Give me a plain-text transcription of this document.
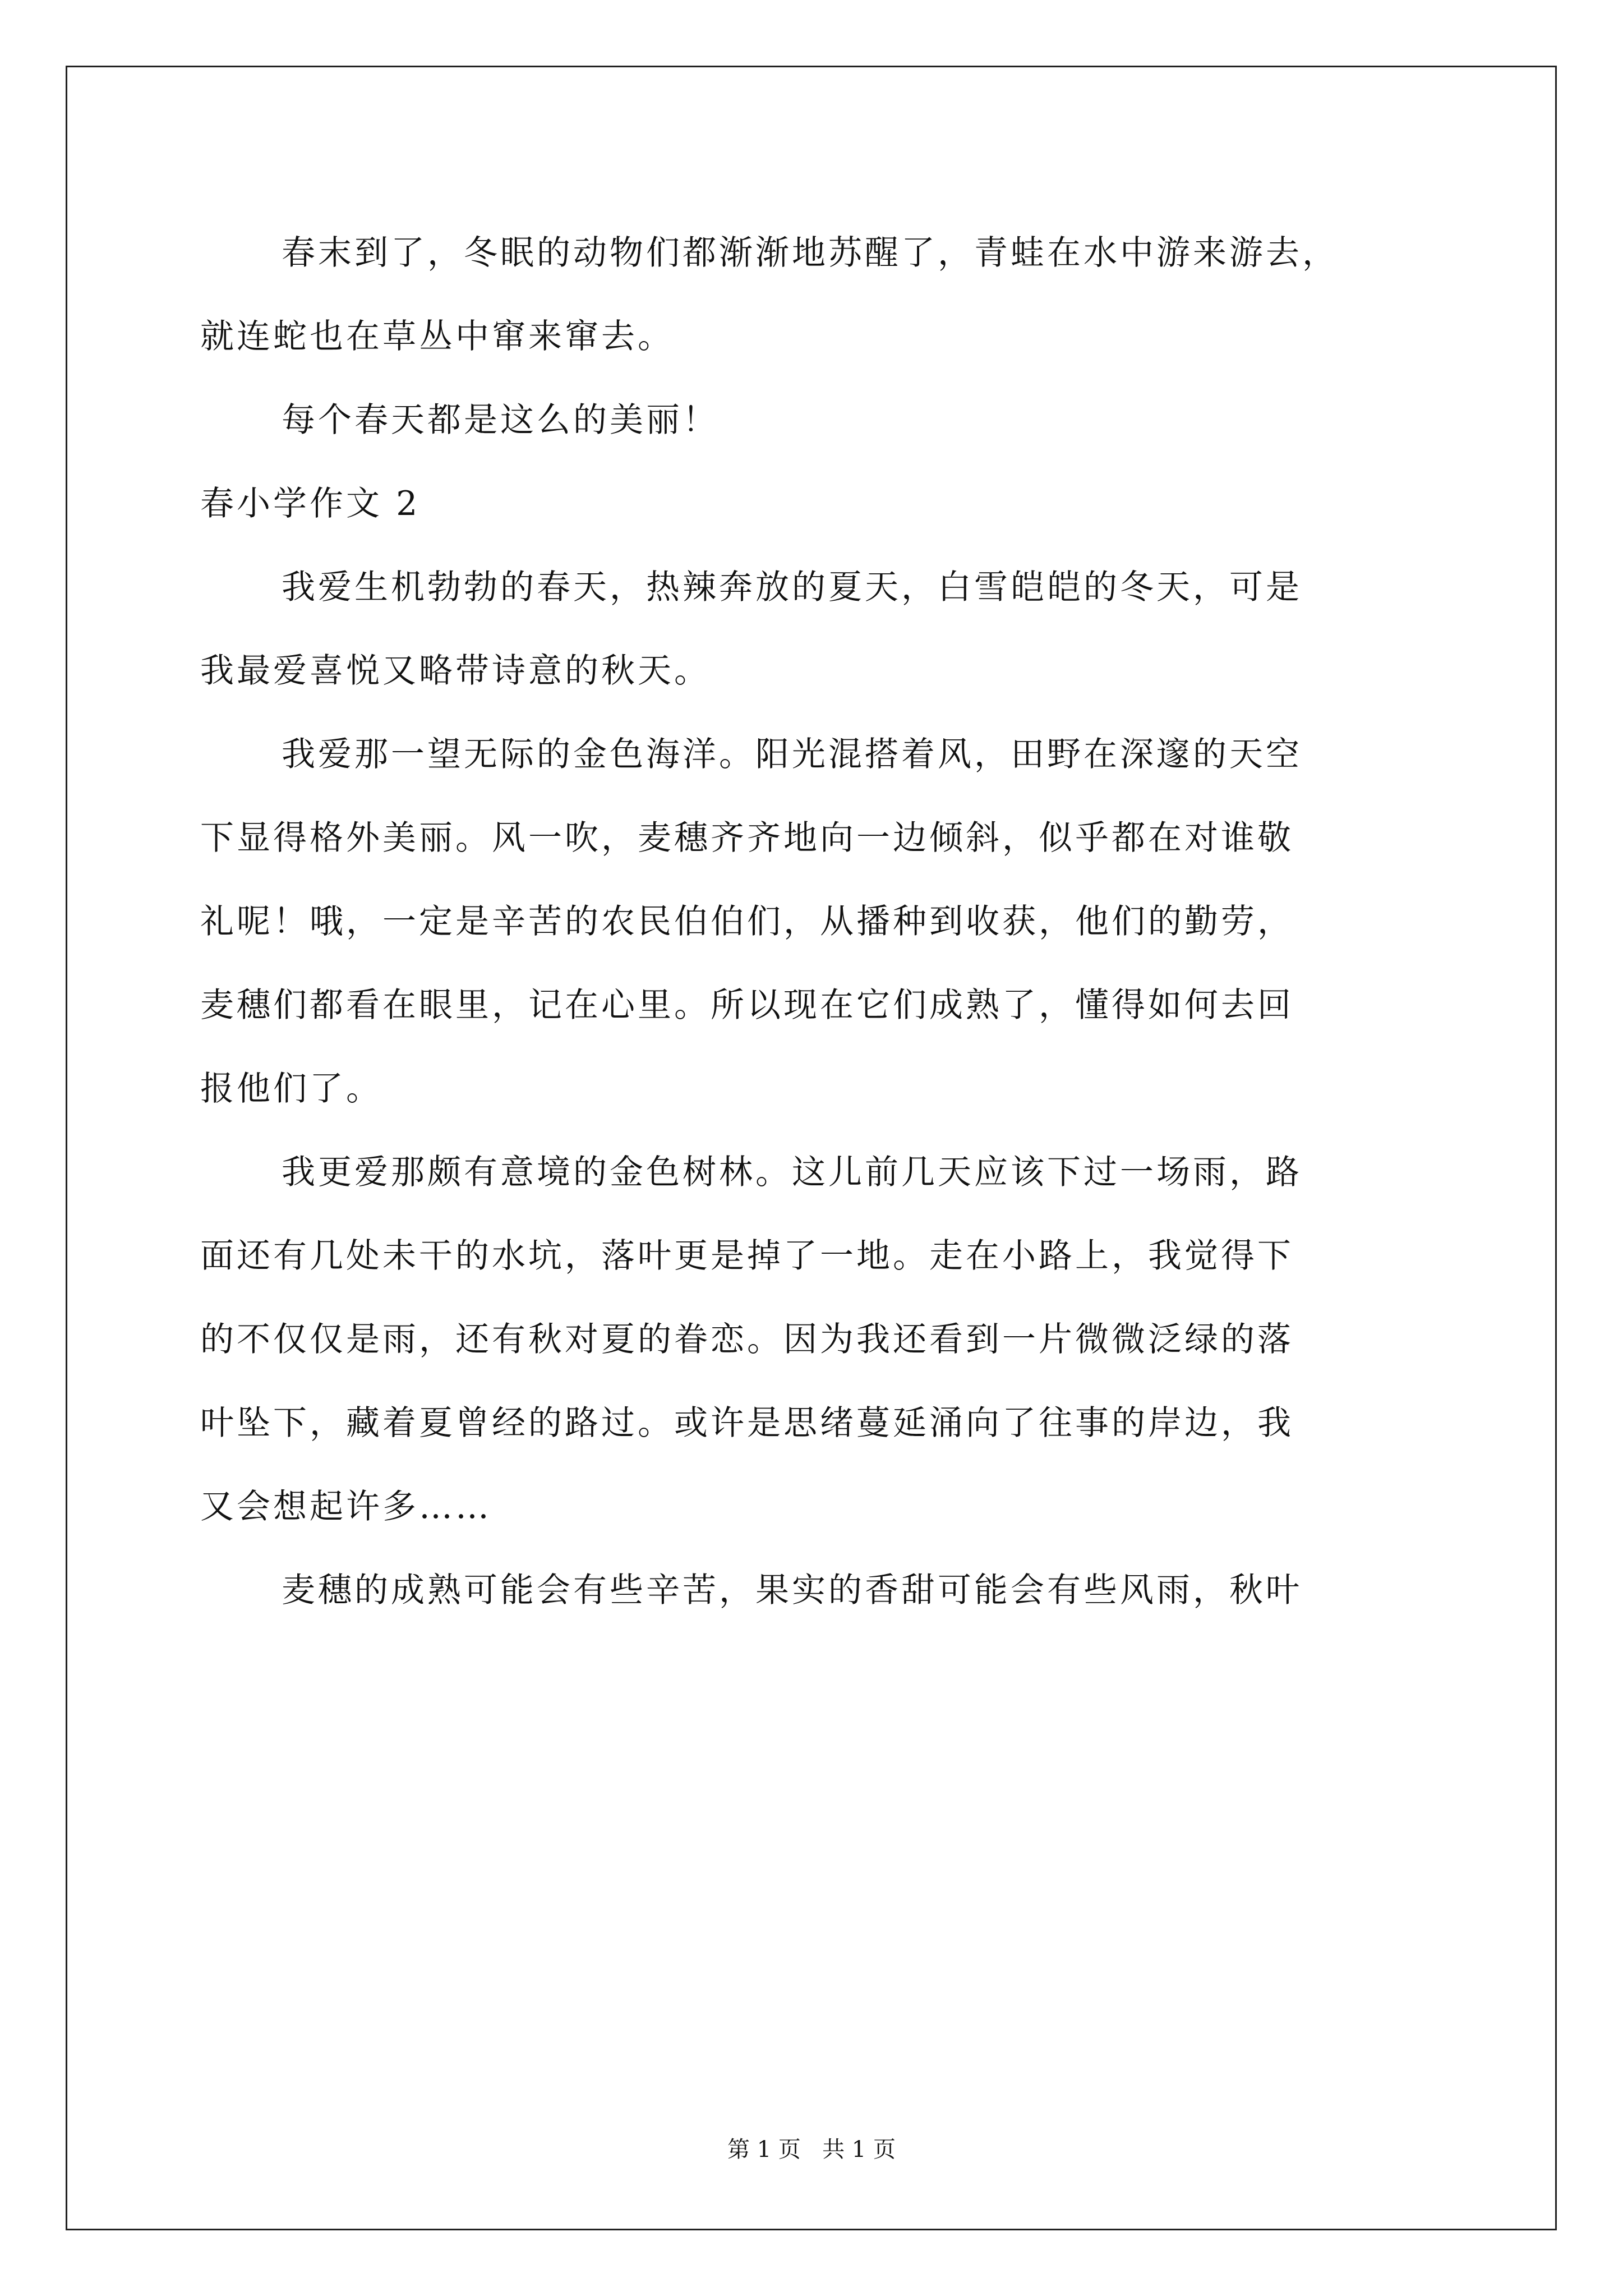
春末到了，冬眠的动物们都渐渐地苏醒了，青蛙在水中游来游去，
就连蛇也在草丛中窜来窜去。

每个春天都是这么的美丽！

春小学作文 2

我爱生机勃勃的春天，热辣奔放的夏天，白雪皑皑的冬天，可是
我最爱喜悦又略带诗意的秋天。

我爱那一望无际的金色海洋。阳光混搭着风，田野在深邃的天空
下显得格外美丽。风一吹，麦穗齐齐地向一边倾斜，似乎都在对谁敬
礼呢！哦，一定是辛苦的农民伯伯们，从播种到收获，他们的勤劳，
麦穗们都看在眼里，记在心里。所以现在它们成熟了，懂得如何去回
报他们了。

我更爱那颇有意境的金色树林。这儿前几天应该下过一场雨，路
面还有几处未干的水坑，落叶更是掉了一地。走在小路上，我觉得下
的不仅仅是雨，还有秋对夏的眷恋。因为我还看到一片微微泛绿的落
叶坠下，藏着夏曾经的路过。或许是思绪蔓延涌向了往事的岸边，我
又会想起许多……

麦穗的成熟可能会有些辛苦，果实的香甜可能会有些风雨，秋叶

第 1 页   共 1 页
